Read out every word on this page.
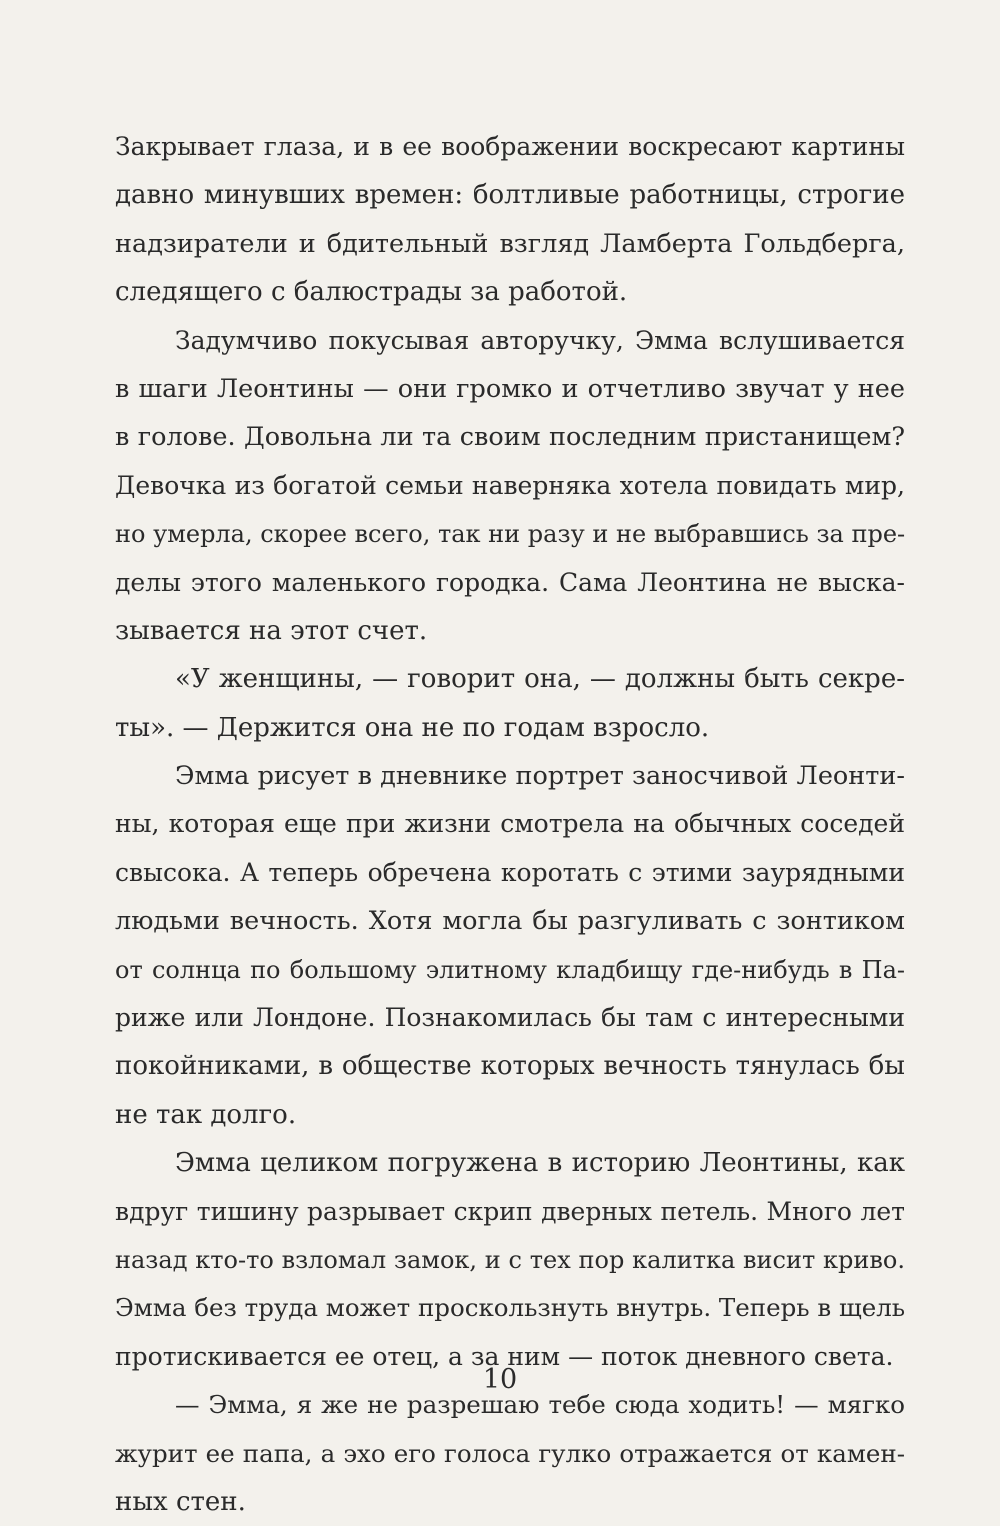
Закрывает глаза, и в ее воображении воскресают картины
давно минувших времен: болтливые работницы, строгие
надзиратели и бдительный взгляд Ламберта Гольдберга,
следящего с балюстрады за работой.
Задумчиво покусывая авторучку, Эмма вслушивается
в шаги Леонтины — они громко и отчетливо звучат у нее
в голове. Довольна ли та своим последним пристанищем?
Девочка из богатой семьи наверняка хотела повидать мир,
но умерла, скорее всего, так ни разу и не выбравшись за пре-
делы этого маленького городка. Сама Леонтина не выска-
зывается на этот счет.
«У женщины, — говорит она, — должны быть секре-
ты». — Держится она не по годам взросло.
Эмма рисует в дневнике портрет заносчивой Леонти-
ны, которая еще при жизни смотрела на обычных соседей
свысока. А теперь обречена коротать с этими заурядными
людьми вечность. Хотя могла бы разгуливать с зонтиком
от солнца по большому элитному кладбищу где-нибудь в Па-
риже или Лондоне. Познакомилась бы там с интересными
покойниками, в обществе которых вечность тянулась бы
не так долго.
Эмма целиком погружена в историю Леонтины, как
вдруг тишину разрывает скрип дверных петель. Много лет
назад кто-то взломал замок, и с тех пор калитка висит криво.
Эмма без труда может проскользнуть внутрь. Теперь в щель
протискивается ее отец, а за ним — поток дневного света.
— Эмма, я же не разрешаю тебе сюда ходить! — мягко
журит ее папа, а эхо его голоса гулко отражается от камен-
ных стен.
10
